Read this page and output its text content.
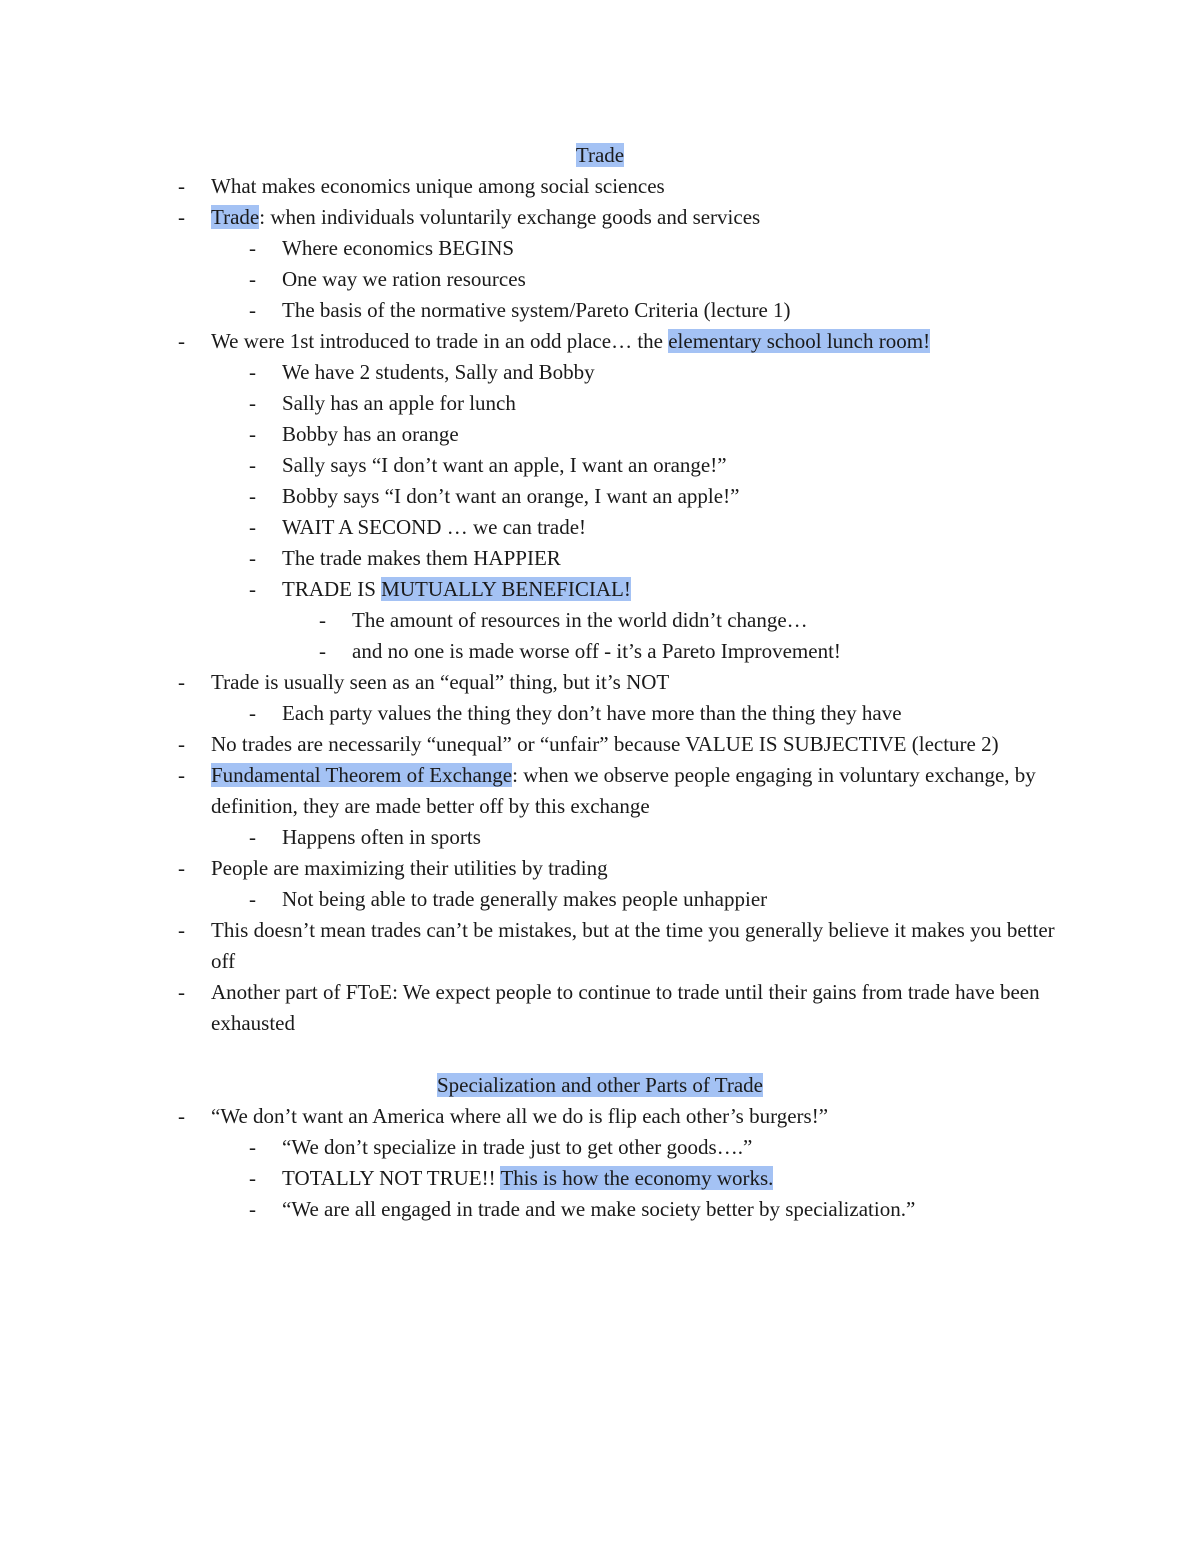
Trade
- What makes economics unique among social sciences
- Trade: when individuals voluntarily exchange goods and services
- Where economics BEGINS
- One way we ration resources
- The basis of the normative system/Pareto Criteria (lecture 1)
- We were 1st introduced to trade in an odd place… the elementary school lunch room!
- We have 2 students, Sally and Bobby
- Sally has an apple for lunch
- Bobby has an orange
- Sally says “I don’t want an apple, I want an orange!”
- Bobby says “I don’t want an orange, I want an apple!”
- WAIT A SECOND … we can trade!
- The trade makes them HAPPIER
- TRADE IS MUTUALLY BENEFICIAL!
- The amount of resources in the world didn’t change…
- and no one is made worse off - it’s a Pareto Improvement!
- Trade is usually seen as an “equal” thing, but it’s NOT
- Each party values the thing they don’t have more than the thing they have
- No trades are necessarily “unequal” or “unfair” because VALUE IS SUBJECTIVE (lecture 2)
- Fundamental Theorem of Exchange: when we observe people engaging in voluntary exchange, by definition, they are made better off by this exchange
- Happens often in sports
- People are maximizing their utilities by trading
- Not being able to trade generally makes people unhappier
- This doesn’t mean trades can’t be mistakes, but at the time you generally believe it makes you better off
- Another part of FToE: We expect people to continue to trade until their gains from trade have been exhausted
Specialization and other Parts of Trade
- “We don’t want an America where all we do is flip each other’s burgers!”
- “We don’t specialize in trade just to get other goods….”
- TOTALLY NOT TRUE!! This is how the economy works.
- “We are all engaged in trade and we make society better by specialization.”
